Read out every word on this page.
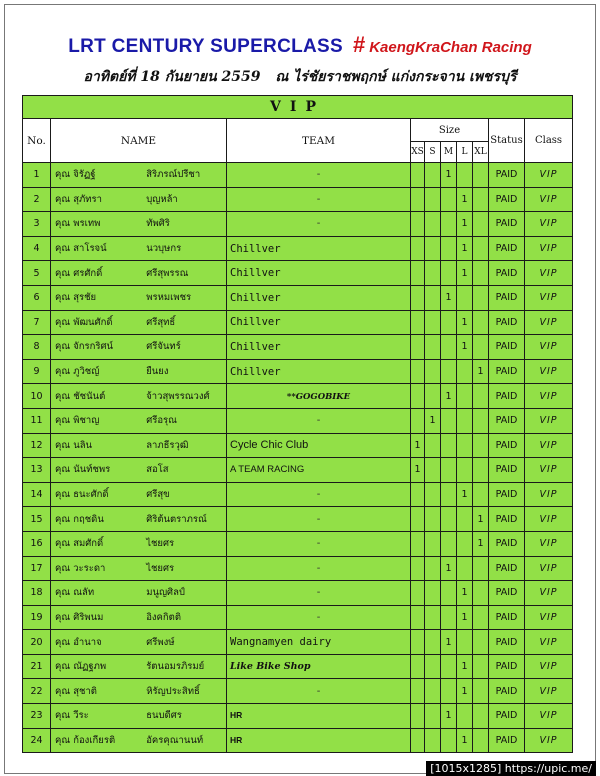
LRT CENTURY SUPERCLASS # KaengKraChan Racing
อาทิตย์ที่ 18 กันยายน 2559 ณ ไร่ชัยราชพฤกษ์ แก่งกระจาน เพชรบุรี
VIP									
No.	NAME	TEAM	Size					Status	Class
			XS	S	M	L	XL		
1	คุณ จิรัฏฐ์ สิริภรณ์ปรีชา	-			1			PAID	VIP
2	คุณ สุภัทรา บุญหล้า	-				1		PAID	VIP
3	คุณ พรเทพ ทัพศิริ	-				1		PAID	VIP
4	คุณ สาโรจน์ นวบุษกร	Chillver				1		PAID	VIP
5	คุณ ศรศักดิ์ ศรีสุพรรณ	Chillver				1		PAID	VIP
6	คุณ สุรชัย พรหมเพชร	Chillver			1			PAID	VIP
7	คุณ พัฒนศักดิ์ ศรีสุทธิ์	Chillver				1		PAID	VIP
8	คุณ จักรกริศน์ ศรีจันทร์	Chillver				1		PAID	VIP
9	คุณ ภูวิชญ์ ยืนยง	Chillver					1	PAID	VIP
10	คุณ ชัชนันต์ จ้าวสุพรรณวงศ์	**GOGOBIKE			1			PAID	VIP
11	คุณ พิชาญ ศรีอรุณ	-		1				PAID	VIP
12	คุณ นลิน ลาภธีรวุฒิ	Cycle Chic Club	1					PAID	VIP
13	คุณ นันท์ชพร สอโส	A TEAM RACING	1					PAID	VIP
14	คุณ ธนะศักดิ์ ศรีสุข	-				1		PAID	VIP
15	คุณ กฤชดิน ศิริต้นตราภรณ์	-					1	PAID	VIP
16	คุณ สมศักดิ์ ไชยศร	-					1	PAID	VIP
17	คุณ วะระดา ไชยศร	-			1			PAID	VIP
18	คุณ ณลัท มนูญศิลป์	-				1		PAID	VIP
19	คุณ ศิริพนม อิงคกิตติ	-				1		PAID	VIP
20	คุณ อำนาจ ศรีพงษ์	Wangnamyen dairy			1			PAID	VIP
21	คุณ ณัฏฐภพ รัตนอมรภิรมย์	Like Bike Shop				1		PAID	VIP
22	คุณ สุชาติ หิรัญประสิทธิ์	-				1		PAID	VIP
23	คุณ วีระ ธนบดีศร	HR			1			PAID	VIP
24	คุณ ก้องเกียรติ อัครคุณานนท์	HR				1		PAID	VIP
[1015x1285] https://upic.me/
